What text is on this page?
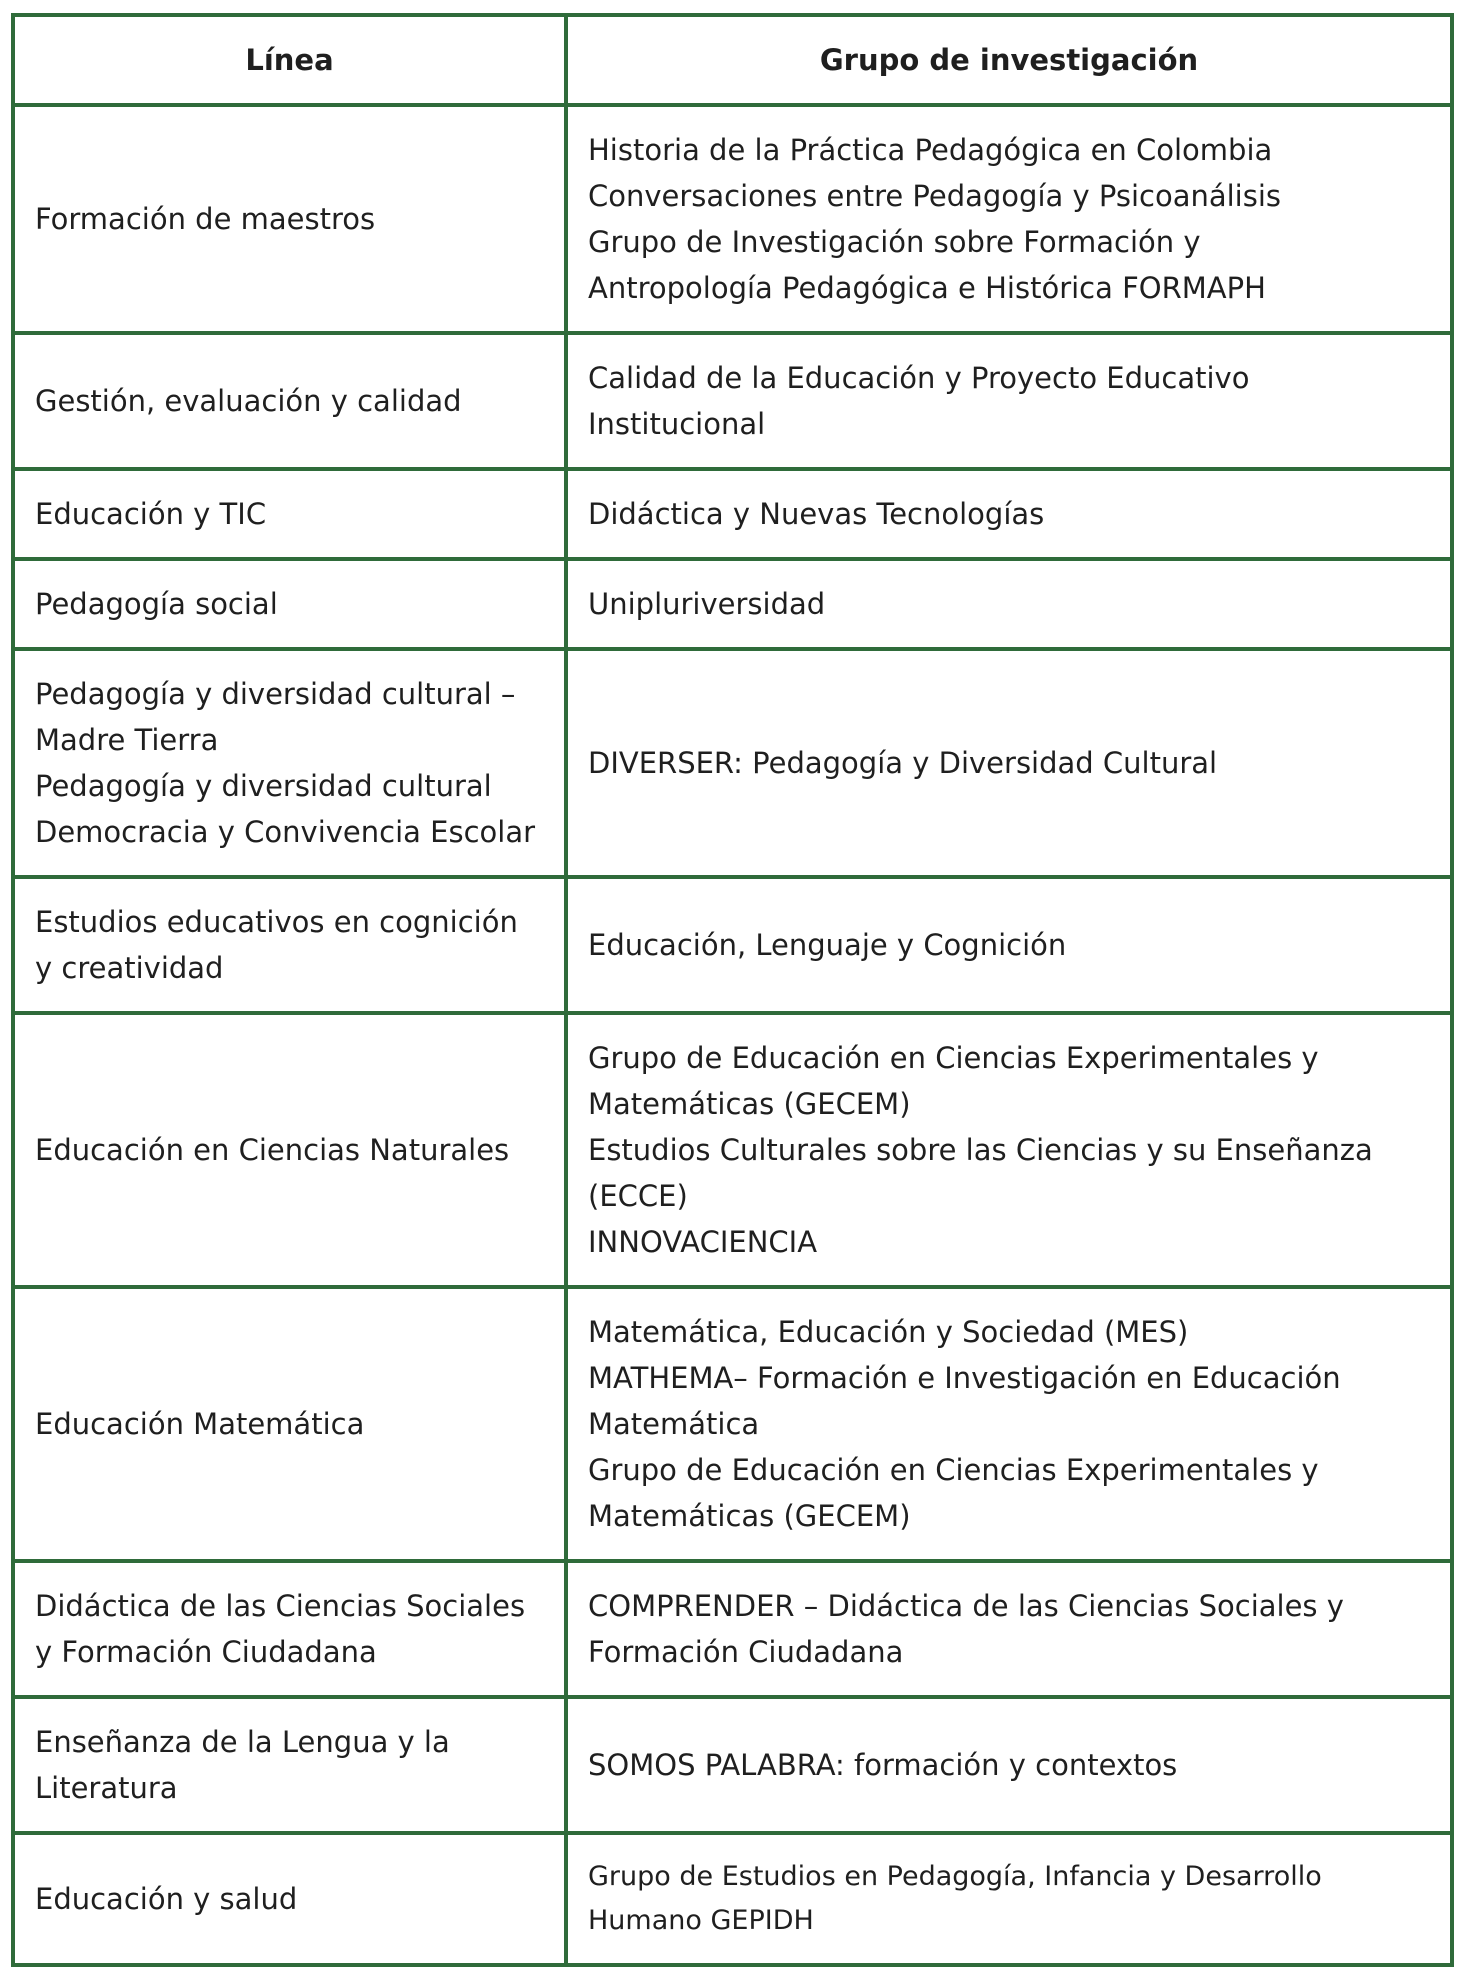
Línea	Grupo de investigación

Formación de maestros	Historia de la Práctica Pedagógica en Colombia
Conversaciones entre Pedagogía y Psicoanálisis
Grupo de Investigación sobre Formación y
Antropología Pedagógica e Histórica FORMAPH

Gestión, evaluación y calidad	Calidad de la Educación y Proyecto Educativo
Institucional

Educación y TIC	Didáctica y Nuevas Tecnologías

Pedagogía social	Unipluriversidad

Pedagogía y diversidad cultural –
Madre Tierra
Pedagogía y diversidad cultural
Democracia y Convivencia Escolar	DIVERSER: Pedagogía y Diversidad Cultural

Estudios educativos en cognición
y creatividad	Educación, Lenguaje y Cognición

Educación en Ciencias Naturales	Grupo de Educación en Ciencias Experimentales y
Matemáticas (GECEM)
Estudios Culturales sobre las Ciencias y su Enseñanza
(ECCE)
INNOVACIENCIA

Educación Matemática	Matemática, Educación y Sociedad (MES)
MATHEMA– Formación e Investigación en Educación
Matemática
Grupo de Educación en Ciencias Experimentales y
Matemáticas (GECEM)

Didáctica de las Ciencias Sociales
y Formación Ciudadana	COMPRENDER – Didáctica de las Ciencias Sociales y
Formación Ciudadana

Enseñanza de la Lengua y la
Literatura	SOMOS PALABRA: formación y contextos

Educación y salud	Grupo de Estudios en Pedagogía, Infancia y Desarrollo
Humano GEPIDH
